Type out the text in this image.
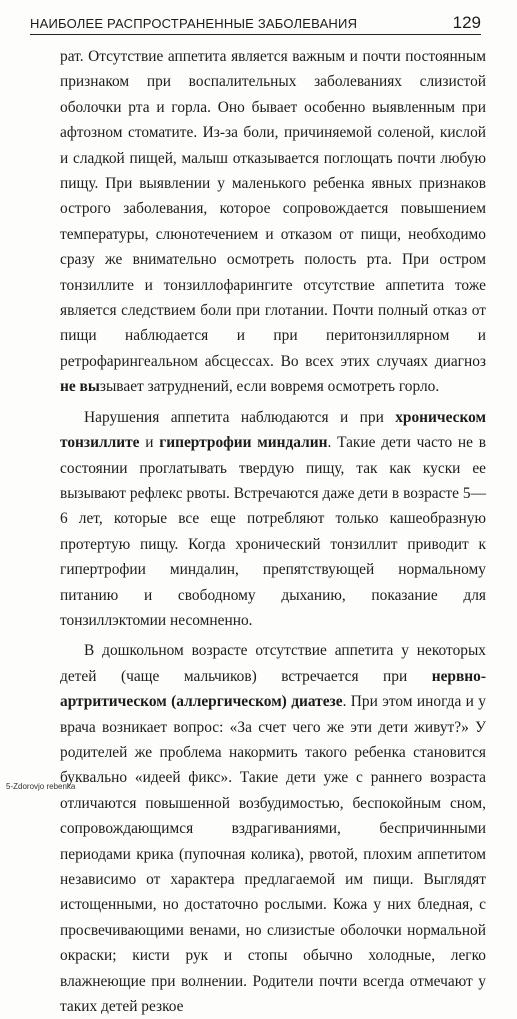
НАИБОЛЕЕ РАСПРОСТРАНЕННЫЕ ЗАБОЛЕВАНИЯ	129

рат. Отсутствие аппетита является важным и почти постоянным признаком при воспалительных заболеваниях слизистой оболочки рта и горла. Оно бывает особенно выявленным при афтозном стоматите. Из-за боли, причиняемой соленой, кислой и сладкой пищей, малыш отказывается поглощать почти любую пищу. При выявлении у маленького ребенка явных признаков острого заболевания, которое сопровождается повышением температуры, слюнотечением и отказом от пищи, необходимо сразу же внимательно осмотреть полость рта. При остром тонзиллите и тонзиллофарингите отсутствие аппетита тоже является следствием боли при глотании. Почти полный отказ от пищи наблюдается и при перитонзиллярном и ретрофарингеальном абсцессах. Во всех этих случаях диагноз не вызывает затруднений, если вовремя осмотреть горло.

Нарушения аппетита наблюдаются и при хроническом тонзиллите и гипертрофии миндалин. Такие дети часто не в состоянии проглатывать твердую пищу, так как куски ее вызывают рефлекс рвоты. Встречаются даже дети в возрасте 5—6 лет, которые все еще потребляют только кашеобразную протертую пищу. Когда хронический тонзиллит приводит к гипертрофии миндалин, препятствующей нормальному питанию и свободному дыханию, показание для тонзиллэктомии несомненно.

В дошкольном возрасте отсутствие аппетита у некоторых детей (чаще мальчиков) встречается при нервно-артритическом (аллергическом) диатезе. При этом иногда и у врача возникает вопрос: «За счет чего же эти дети живут?» У родителей же проблема накормить такого ребенка становится буквально «идеей фикс». Такие дети уже с раннего возраста отличаются повышенной возбудимостью, беспокойным сном, сопровождающимся вздрагиваниями, беспричинными периодами крика (пупочная колика), рвотой, плохим аппетитом независимо от характера предлагаемой им пищи. Выглядят истощенными, но достаточно рослыми. Кожа у них бледная, с просвечивающими венами, но слизистые оболочки нормальной окраски; кисти рук и стопы обычно холодные, легко влажнеющие при волнении. Родители почти всегда отмечают у таких детей резкое

5-Zdorovjo rebenka
